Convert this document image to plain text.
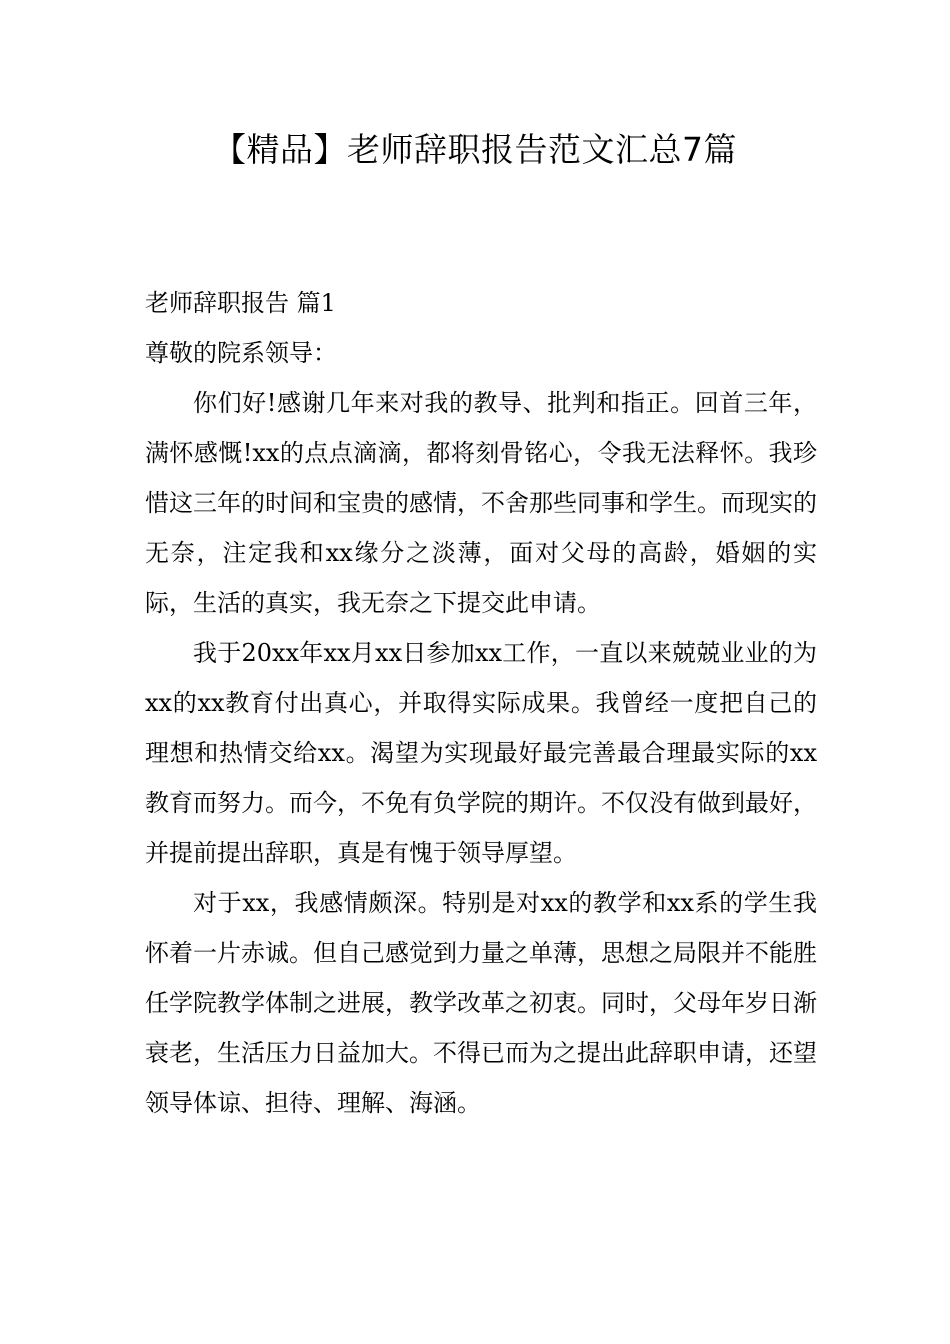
【精品】老师辞职报告范文汇总7篇

老师辞职报告 篇1

尊敬的院系领导：

你们好!感谢几年来对我的教导、批判和指正。回首三年，满怀感慨!xx的点点滴滴，都将刻骨铭心，令我无法释怀。我珍惜这三年的时间和宝贵的感情，不舍那些同事和学生。而现实的无奈，注定我和xx缘分之淡薄，面对父母的高龄，婚姻的实际，生活的真实，我无奈之下提交此申请。

我于20xx年xx月xx日参加xx工作，一直以来兢兢业业的为xx的xx教育付出真心，并取得实际成果。我曾经一度把自己的理想和热情交给xx。渴望为实现最好最完善最合理最实际的xx教育而努力。而今，不免有负学院的期许。不仅没有做到最好，并提前提出辞职，真是有愧于领导厚望。

对于xx，我感情颇深。特别是对xx的教学和xx系的学生我怀着一片赤诚。但自己感觉到力量之单薄，思想之局限并不能胜任学院教学体制之进展，教学改革之初衷。同时，父母年岁日渐衰老，生活压力日益加大。不得已而为之提出此辞职申请，还望领导体谅、担待、理解、海涵。
